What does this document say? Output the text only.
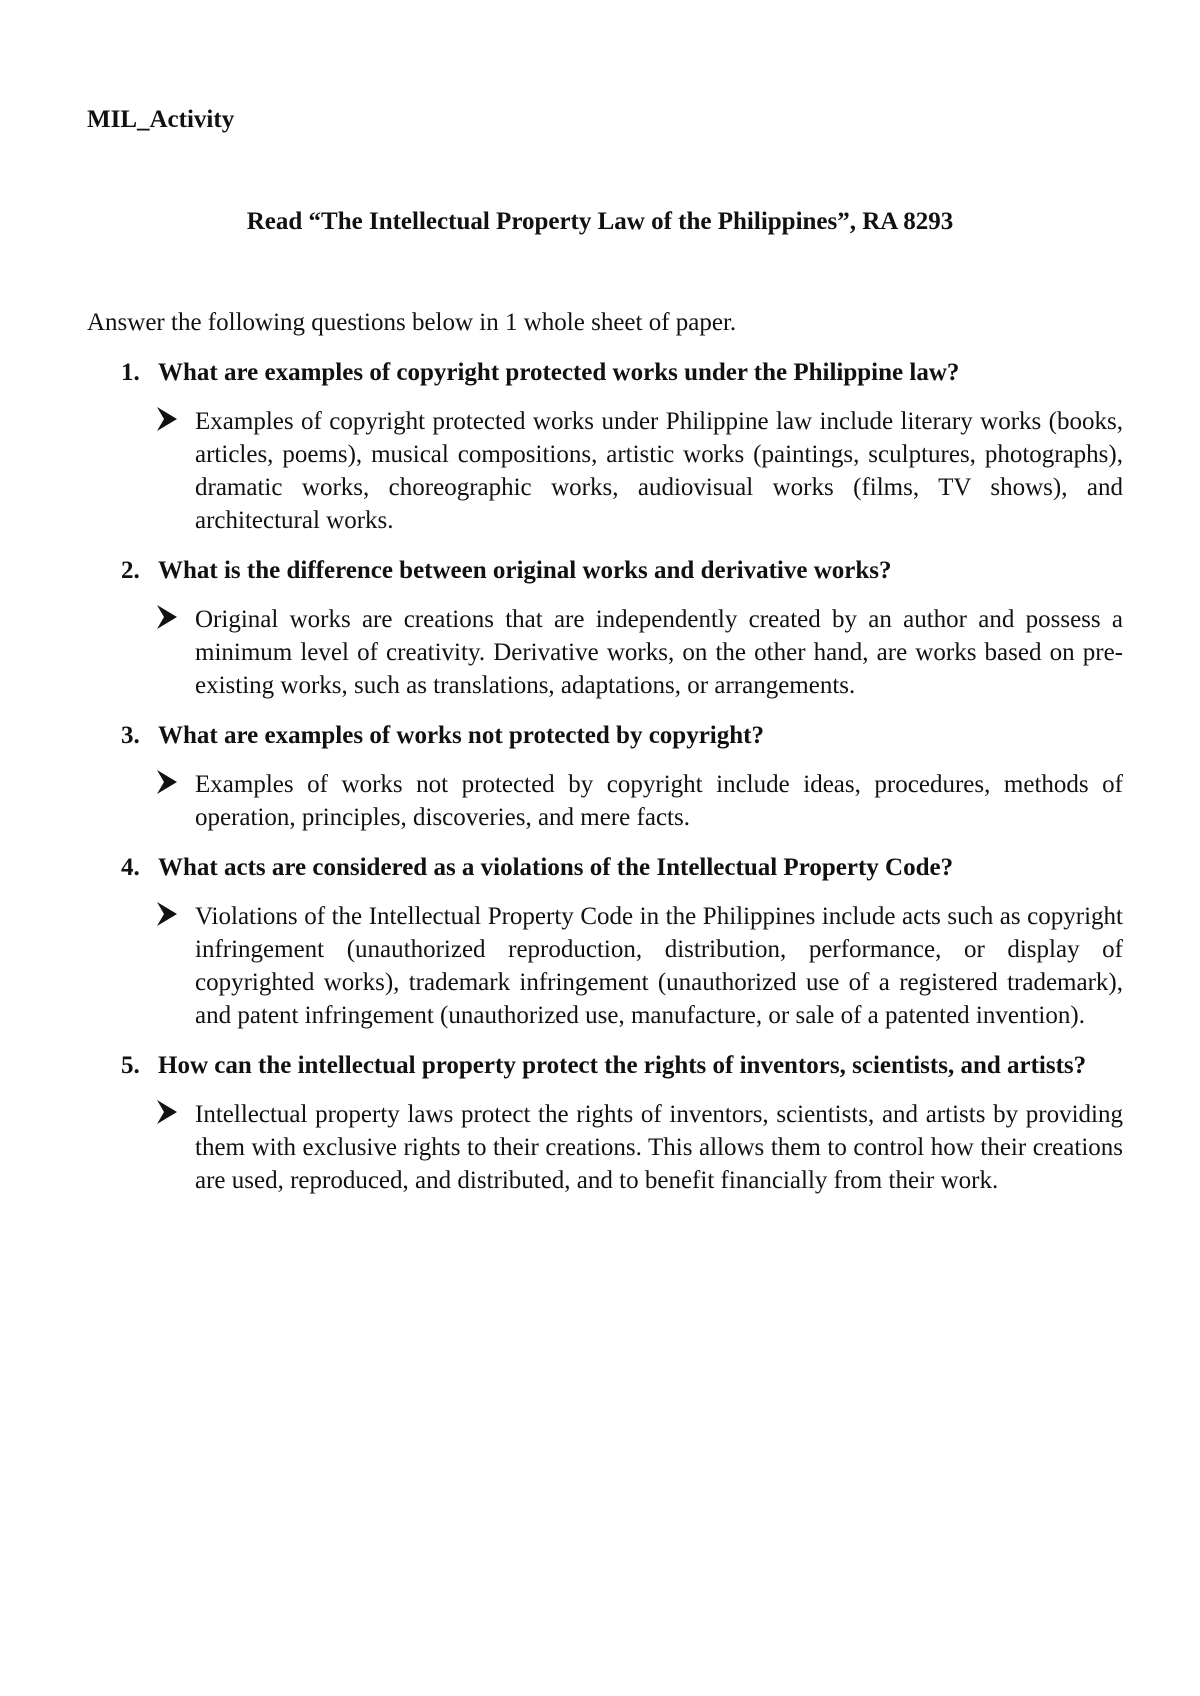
MIL_Activity
Read “The Intellectual Property Law of the Philippines”, RA 8293
Answer the following questions below in 1 whole sheet of paper.
1. What are examples of copyright protected works under the Philippine law?

Examples of copyright protected works under Philippine law include literary works (books, articles, poems), musical compositions, artistic works (paintings, sculptures, photographs), dramatic works, choreographic works, audiovisual works (films, TV shows), and architectural works.

2. What is the difference between original works and derivative works?

Original works are creations that are independently created by an author and possess a minimum level of creativity. Derivative works, on the other hand, are works based on pre-existing works, such as translations, adaptations, or arrangements.

3. What are examples of works not protected by copyright?

Examples of works not protected by copyright include ideas, procedures, methods of operation, principles, discoveries, and mere facts.

4. What acts are considered as a violations of the Intellectual Property Code?

Violations of the Intellectual Property Code in the Philippines include acts such as copyright infringement (unauthorized reproduction, distribution, performance, or display of copyrighted works), trademark infringement (unauthorized use of a registered trademark), and patent infringement (unauthorized use, manufacture, or sale of a patented invention).

5. How can the intellectual property protect the rights of inventors, scientists, and artists?

Intellectual property laws protect the rights of inventors, scientists, and artists by providing them with exclusive rights to their creations. This allows them to control how their creations are used, reproduced, and distributed, and to benefit financially from their work.
